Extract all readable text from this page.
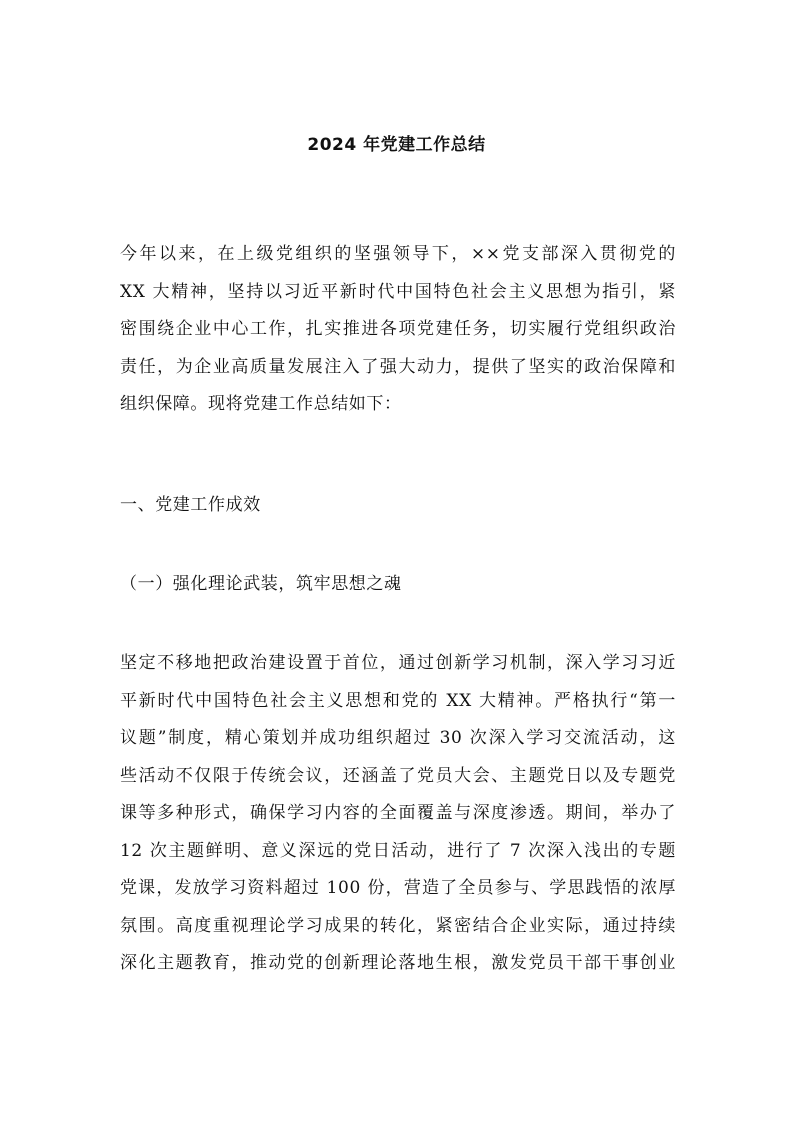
2024 年党建工作总结
今年以来，在上级党组织的坚强领导下，××党支部深入贯彻党的
XX 大精神，坚持以习近平新时代中国特色社会主义思想为指引，紧
密围绕企业中心工作，扎实推进各项党建任务，切实履行党组织政治
责任，为企业高质量发展注入了强大动力，提供了坚实的政治保障和
组织保障。现将党建工作总结如下：
一、党建工作成效
（一）强化理论武装，筑牢思想之魂
坚定不移地把政治建设置于首位，通过创新学习机制，深入学习习近
平新时代中国特色社会主义思想和党的 XX 大精神。严格执行“第一
议题”制度，精心策划并成功组织超过 30 次深入学习交流活动，这
些活动不仅限于传统会议，还涵盖了党员大会、主题党日以及专题党
课等多种形式，确保学习内容的全面覆盖与深度渗透。期间，举办了
12 次主题鲜明、意义深远的党日活动，进行了 7 次深入浅出的专题
党课，发放学习资料超过 100 份，营造了全员参与、学思践悟的浓厚
氛围。高度重视理论学习成果的转化，紧密结合企业实际，通过持续
深化主题教育，推动党的创新理论落地生根，激发党员干部干事创业
